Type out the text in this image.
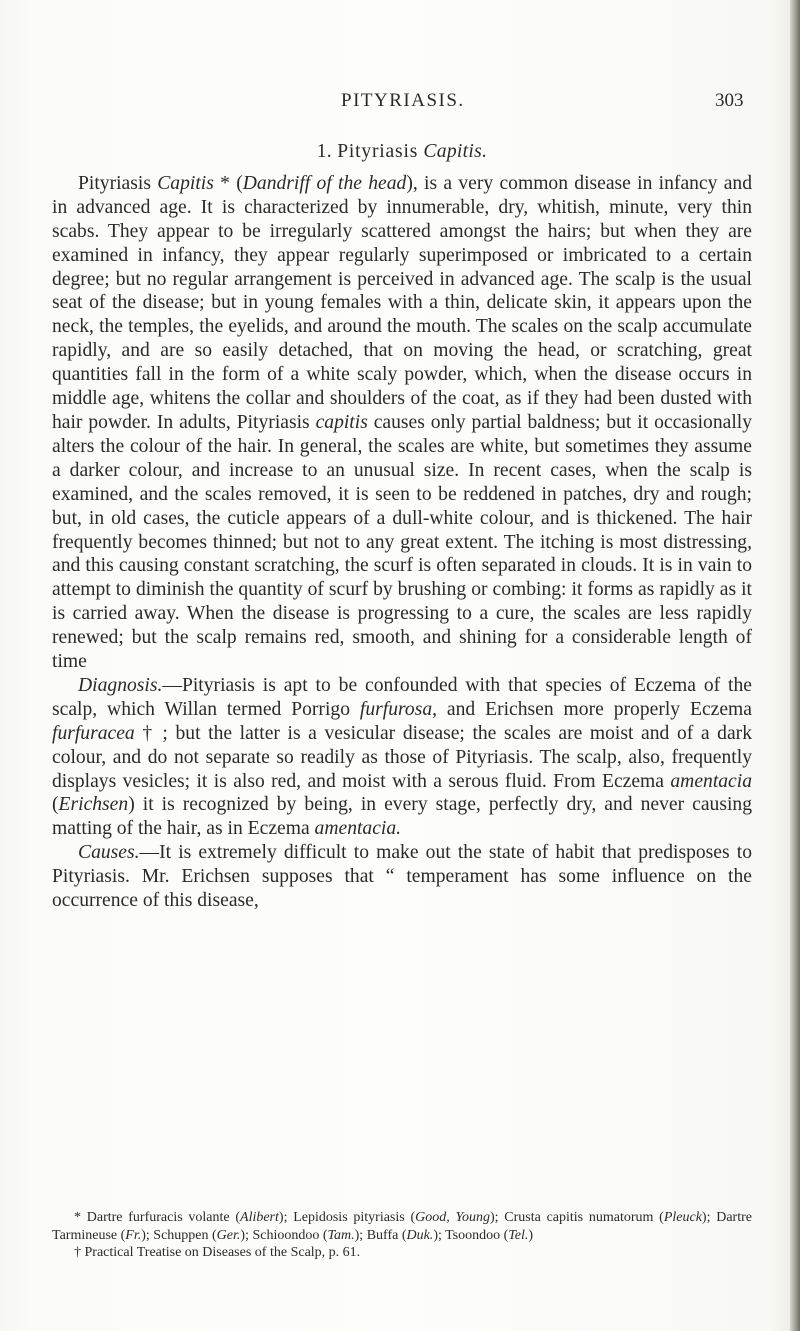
PITYRIASIS.	303
1. Pityriasis Capitis.

Pityriasis Capitis * (Dandriff of the head), is a very common disease in infancy and in advanced age. It is characterized by innumerable, dry, whitish, minute, very thin scabs. They appear to be irregularly scattered amongst the hairs; but when they are examined in infancy, they appear regularly superimposed or imbricated to a certain degree; but no regular arrangement is perceived in advanced age. The scalp is the usual seat of the disease; but in young females with a thin, delicate skin, it appears upon the neck, the temples, the eyelids, and around the mouth. The scales on the scalp accumulate rapidly, and are so easily detached, that on moving the head, or scratching, great quantities fall in the form of a white scaly powder, which, when the disease occurs in middle age, whitens the collar and shoulders of the coat, as if they had been dusted with hair powder. In adults, Pityriasis capitis causes only partial baldness; but it occasionally alters the colour of the hair. In general, the scales are white, but sometimes they assume a darker colour, and increase to an unusual size. In recent cases, when the scalp is examined, and the scales removed, it is seen to be reddened in patches, dry and rough; but, in old cases, the cuticle appears of a dull-white colour, and is thickened. The hair frequently becomes thinned; but not to any great extent. The itching is most distressing, and this causing constant scratching, the scurf is often separated in clouds. It is in vain to attempt to diminish the quantity of scurf by brushing or combing: it forms as rapidly as it is carried away. When the disease is progressing to a cure, the scales are less rapidly renewed; but the scalp remains red, smooth, and shining for a considerable length of time

Diagnosis.—Pityriasis is apt to be confounded with that species of Eczema of the scalp, which Willan termed Porrigo furfurosa, and Erichsen more properly Eczema furfuracea † ; but the latter is a vesicular disease; the scales are moist and of a dark colour, and do not separate so readily as those of Pityriasis. The scalp, also, frequently displays vesicles; it is also red, and moist with a serous fluid. From Eczema amentacia (Erichsen) it is recognized by being, in every stage, perfectly dry, and never causing matting of the hair, as in Eczema amentacia.

Causes.—It is extremely difficult to make out the state of habit that predisposes to Pityriasis. Mr. Erichsen supposes that “ temperament has some influence on the occurrence of this disease,

* Dartre furfuracis volante (Alibert); Lepidosis pityriasis (Good, Young); Crusta capitis numatorum (Pleuck); Dartre Tarmineuse (Fr.); Schuppen (Ger.); Schioondoo (Tam.); Buffa (Duk.); Tsoondoo (Tel.)

† Practical Treatise on Diseases of the Scalp, p. 61.
